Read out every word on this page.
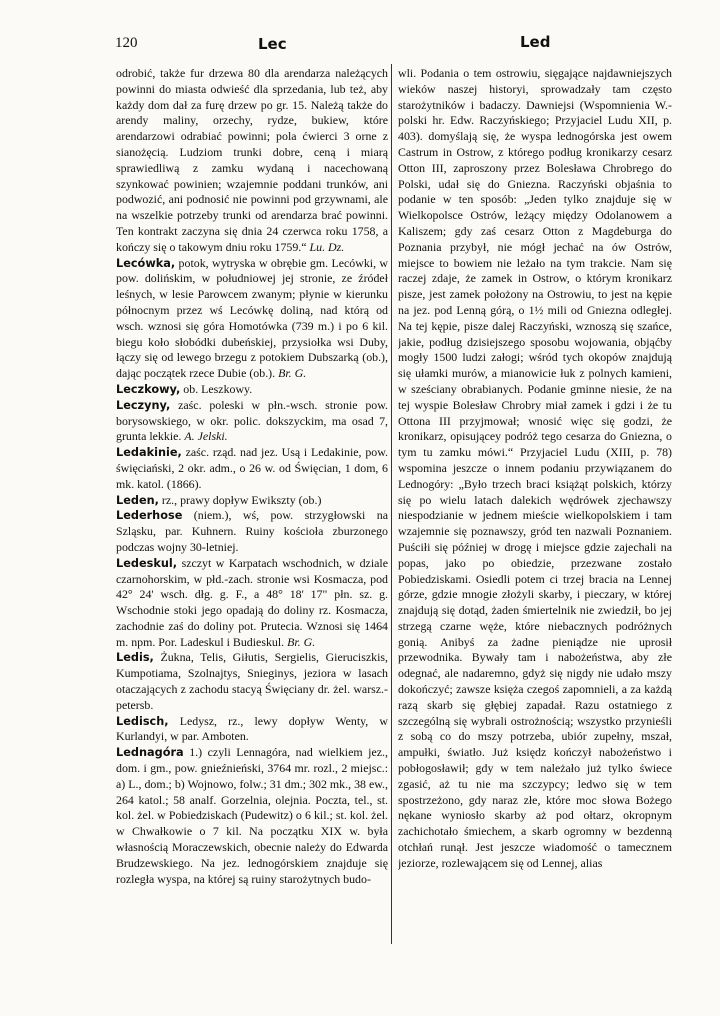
120	Lec	Led

odrobić, także fur drzewa 80 dla arendarza należących powinni do miasta odwieść dla sprzedania, lub też, aby każdy dom dał za furę drzew po gr. 15. Należą także do arendy maliny, orzechy, rydze, bukiew, które arendarzowi odrabiać powinni; pola ćwierci 3 orne z sianożęcią. Ludziom trunki dobre, ceną i miarą sprawiedliwą z zamku wydaną i nacechowaną szynkować powinien; wzajemnie poddani trunków, ani podwozić, ani podnosić nie powinni pod grzywnami, ale na wszelkie potrzeby trunki od arendarza brać powinni. Ten kontrakt zaczyna się dnia 24 czerwca roku 1758, a kończy się o takowym dniu roku 1759.“ Lu. Dz.

Lecówka, potok, wytryska w obrębie gm. Lecówki, w pow. dolińskim, w południowej jej stronie, ze źródeł leśnych, w lesie Parowcem zwanym; płynie w kierunku północnym przez wś Lecówkę doliną, nad którą od wsch. wznosi się góra Homotówka (739 m.) i po 6 kil. biegu koło słobódki dubeńskiej, przysiołka wsi Duby, łączy się od lewego brzegu z potokiem Dubszarką (ob.), dając początek rzece Dubie (ob.). Br. G.

Leczkowy, ob. Leszkowy.

Leczyny, zaśc. poleski w płn.-wsch. stronie pow. borysowskiego, w okr. polic. dokszyckim, ma osad 7, grunta lekkie. A. Jelski.

Ledakinie, zaśc. rząd. nad jez. Usą i Ledakinie, pow. święciański, 2 okr. adm., o 26 w. od Święcian, 1 dom, 6 mk. katol. (1866).

Leden, rz., prawy dopływ Ewikszty (ob.)

Lederhose (niem.), wś, pow. strzygłowski na Szląsku, par. Kuhnern. Ruiny kościoła zburzonego podczas wojny 30-letniej.

Ledeskul, szczyt w Karpatach wschodnich, w dziale czarnohorskim, w płd.-zach. stronie wsi Kosmacza, pod 42° 24' wsch. dłg. g. F., a 48° 18' 17" płn. sz. g. Wschodnie stoki jego opadają do doliny rz. Kosmacza, zachodnie zaś do doliny pot. Prutecia. Wznosi się 1464 m. npm. Por. Ladeskul i Budieskul. Br. G.

Ledis, Żukna, Telis, Giłutis, Sergielis, Gieruciszkis, Kumpotiama, Szolnajtys, Snieginys, jeziora w lasach otaczających z zachodu stacyą Święciany dr. żel. warsz.-petersb.

Ledisch, Ledysz, rz., lewy dopływ Wenty, w Kurlandyi, w par. Amboten.

Lednagóra 1.) czyli Lennagóra, nad wielkiem jez., dom. i gm., pow. gnieźnieński, 3764 mr. rozl., 2 miejsc.: a) L., dom.; b) Wojnowo, folw.; 31 dm.; 302 mk., 38 ew., 264 katol.; 58 analf. Gorzelnia, olejnia. Poczta, tel., st. kol. żel. w Pobiedziskach (Pudewitz) o 6 kil.; st. kol. żel. w Chwałkowie o 7 kil. Na początku XIX w. była własnością Moraczewskich, obecnie należy do Edwarda Brudzewskiego. Na jez. lednogórskiem znajduje się rozległa wyspa, na której są ruiny starożytnych budo-

wli. Podania o tem ostrowiu, sięgające najdawniejszych wieków naszej historyi, sprowadzały tam często starożytników i badaczy. Dawniejsi (Wspomnienia W.-polski hr. Edw. Raczyńskiego; Przyjaciel Ludu XII, p. 403). domyślają się, że wyspa lednogórska jest owem Castrum in Ostrow, z którego podług kronikarzy cesarz Otton III, zaproszony przez Bolesława Chrobrego do Polski, udał się do Gniezna. Raczyński objaśnia to podanie w ten sposób: „Jeden tylko znajduje się w Wielkopolsce Ostrów, leżący między Odolanowem a Kaliszem; gdy zaś cesarz Otton z Magdeburga do Poznania przybył, nie mógł jechać na ów Ostrów, miejsce to bowiem nie leżało na tym trakcie. Nam się raczej zdaje, że zamek in Ostrow, o którym kronikarz pisze, jest zamek położony na Ostrowiu, to jest na kępie na jez. pod Lenną górą, o 1½ mili od Gniezna odległej. Na tej kępie, pisze dalej Raczyński, wznoszą się szańce, jakie, podług dzisiejszego sposobu wojowania, objąćby mogły 1500 ludzi załogi; wśród tych okopów znajdują się ułamki murów, a mianowicie łuk z polnych kamieni, w sześciany obrabianych. Podanie gminne niesie, że na tej wyspie Bolesław Chrobry miał zamek i gdzi i że tu Ottona III przyjmował; wnosić więc się godzi, że kronikarz, opisującey podróż tego cesarza do Gniezna, o tym tu zamku mówi.“ Przyjaciel Ludu (XIII, p. 78) wspomina jeszcze o innem podaniu przywiązanem do Lednogóry: „Było trzech braci książąt polskich, którzy się po wielu latach dalekich wędrówek zjechawszy niespodzianie w jednem mieście wielkopolskiem i tam wzajemnie się poznawszy, gród ten nazwali Poznaniem. Puściłi się później w drogę i miejsce gdzie zajechali na popas, jako po obiedzie, przezwane zostało Pobiedziskami. Osiedli potem ci trzej bracia na Lennej górze, gdzie mnogie złożyli skarby, i pieczary, w której znajdują się dotąd, żaden śmiertelnik nie zwiedził, bo jej strzegą czarne węże, które niebacznych podróżnych gonią. Anibyś za żadne pieniądze nie uprosił przewodnika. Bywały tam i nabożeństwa, aby złe odegnać, ale nadaremno, gdyż się nigdy nie udało mszy dokończyć; zawsze księża czegoś zapomnieli, a za każdą razą skarb się głębiej zapadał. Razu ostatniego z szczególną się wybrali ostrożnością; wszystko przynieśli z sobą co do mszy potrzeba, ubiór zupełny, mszał, ampułki, światło. Już księdz kończył nabożeństwo i pobłogosławił; gdy w tem należało już tylko świece zgasić, aż tu nie ma szczypcy; ledwo się w tem spostrzeżono, gdy naraz złe, które moc słowa Bożego nękane wyniosło skarby aż pod ołtarz, okropnym zachichotało śmiechem, a skarb ogromny w bezdenną otchłań runął. Jest jeszcze wiadomość o tamecznem jeziorze, rozlewającem się od Lennej, alias
